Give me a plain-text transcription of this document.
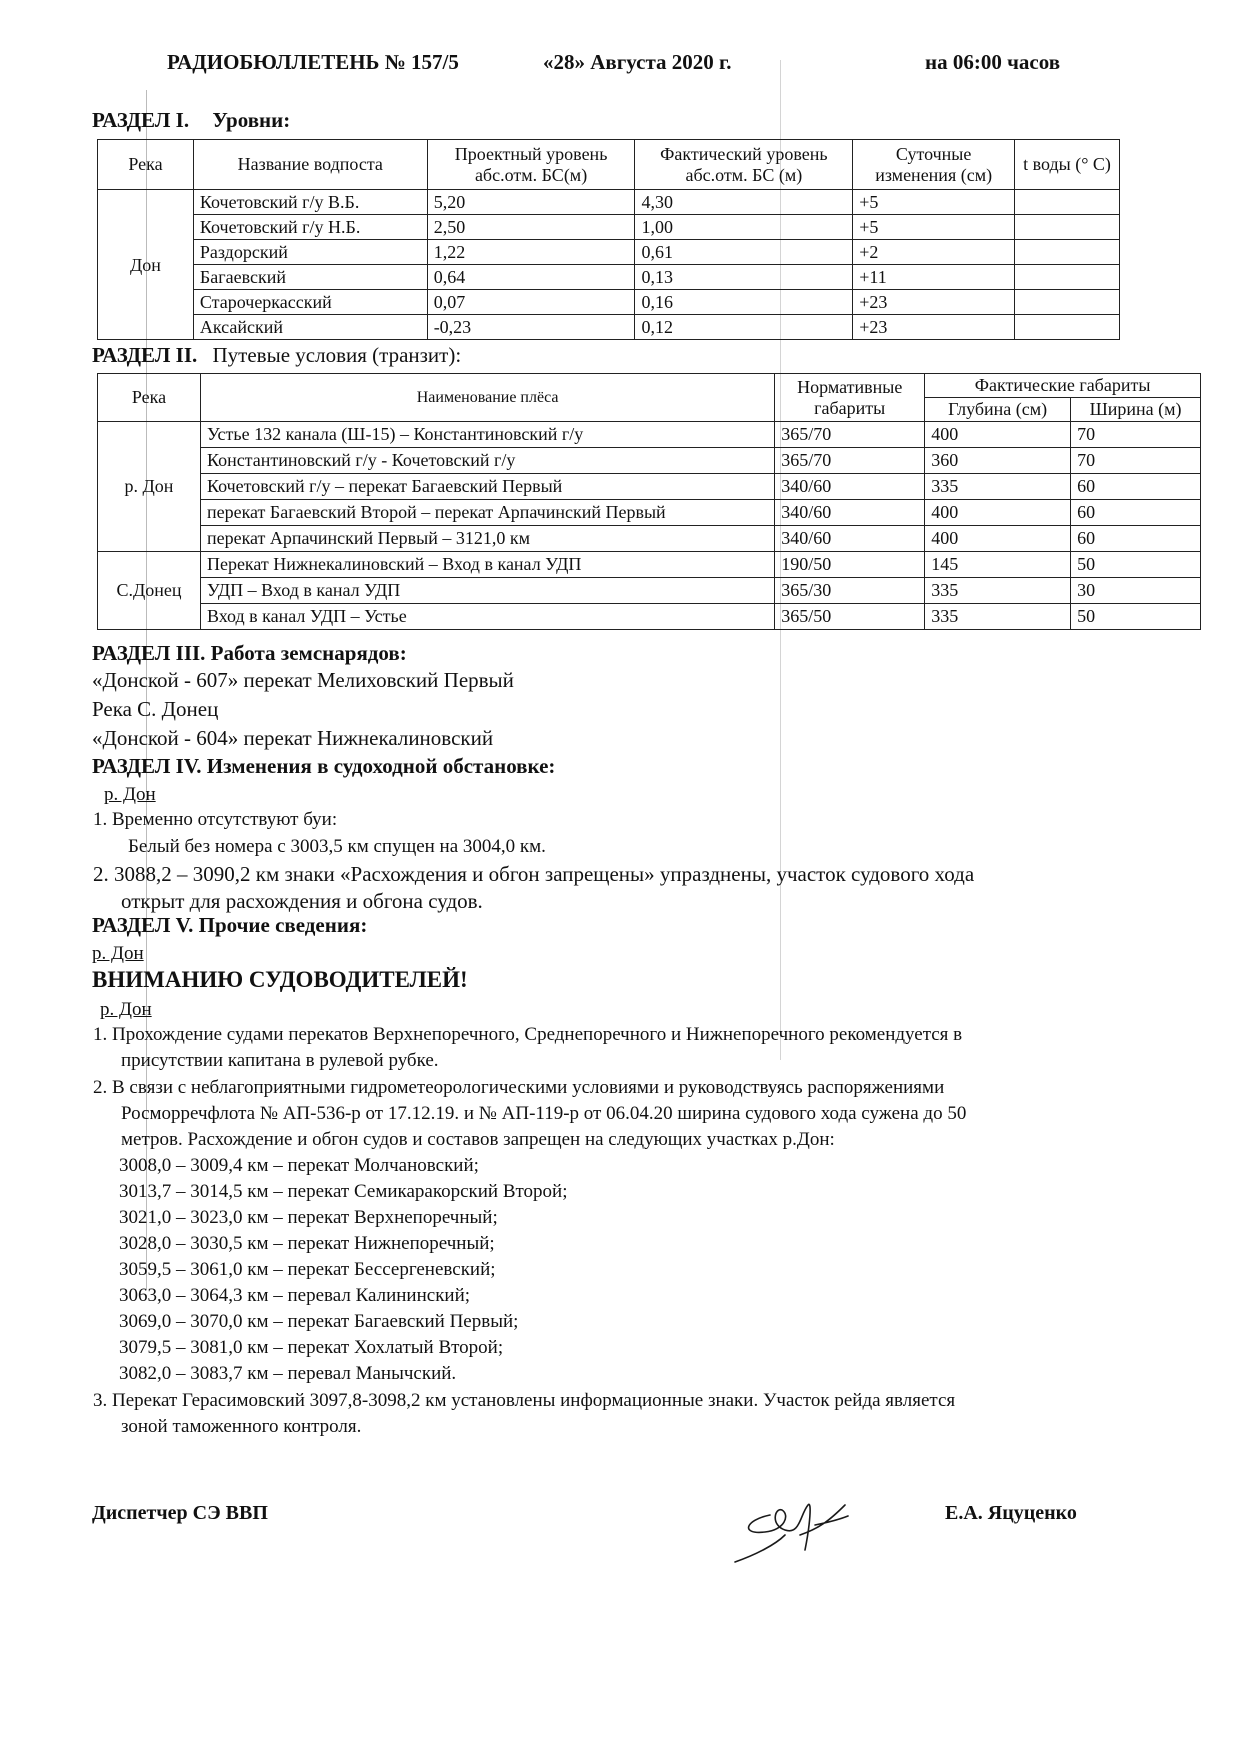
РАДИОБЮЛЛЕТЕНЬ № 157/5	«28» Августа 2020 г.	на 06:00 часов
РАЗДЕЛ I. Уровни:
Река	Название водпоста	Проектный уровень абс.отм. БС(м)	Фактический уровень абс.отм. БС (м)	Суточные изменения (см)	t воды (° С)
Дон	Кочетовский г/у В.Б.	5,20	4,30	+5	
	Кочетовский г/у Н.Б.	2,50	1,00	+5	
	Раздорский	1,22	0,61	+2	
	Багаевский	0,64	0,13	+11	
	Старочеркасский	0,07	0,16	+23	
	Аксайский	-0,23	0,12	+23	
РАЗДЕЛ II. Путевые условия (транзит):
Река	Наименование плёса	Нормативные габариты	Фактические габариты	
			Глубина (см)	Ширина (м)
р. Дон	Устье 132 канала (Ш-15) – Константиновский г/у	365/70	400	70
	Константиновский г/у - Кочетовский г/у	365/70	360	70
	Кочетовский г/у – перекат Багаевский Первый	340/60	335	60
	перекат Багаевский Второй – перекат Арпачинский Первый	340/60	400	60
	перекат Арпачинский Первый – 3121,0 км	340/60	400	60
С.Донец	Перекат Нижнекалиновский – Вход в канал УДП	190/50	145	50
	УДП – Вход в канал УДП	365/30	335	30
	Вход в канал УДП – Устье	365/50	335	50
РАЗДЕЛ III. Работа земснарядов:
«Донской - 607» перекат Мелиховский Первый
Река С. Донец
«Донской - 604» перекат Нижнекалиновский
РАЗДЕЛ IV. Изменения в судоходной обстановке:
р. Дон
1. Временно отсутствуют буи:
Белый без номера с 3003,5 км спущен на 3004,0 км.
2. 3088,2 – 3090,2 км знаки «Расхождения и обгон запрещены» упразднены, участок судового хода
открыт для расхождения и обгона судов.
РАЗДЕЛ V. Прочие сведения:
р. Дон
ВНИМАНИЮ СУДОВОДИТЕЛЕЙ!
р. Дон
1. Прохождение судами перекатов Верхнепоречного, Среднепоречного и Нижнепоречного рекомендуется в
присутствии капитана в рулевой рубке.
2. В связи с неблагоприятными гидрометеорологическими условиями и руководствуясь распоряжениями
Росморречфлота № АП-536-р от 17.12.19. и № АП-119-р от 06.04.20 ширина судового хода сужена до 50
метров. Расхождение и обгон судов и составов запрещен на следующих участках р.Дон:
3008,0 – 3009,4 км – перекат Молчановский;
3013,7 – 3014,5 км – перекат Семикаракорский Второй;
3021,0 – 3023,0 км – перекат Верхнепоречный;
3028,0 – 3030,5 км – перекат Нижнепоречный;
3059,5 – 3061,0 км – перекат Бессергеневский;
3063,0 – 3064,3 км – перевал Калининский;
3069,0 – 3070,0 км – перекат Багаевский Первый;
3079,5 – 3081,0 км – перекат Хохлатый Второй;
3082,0 – 3083,7 км – перевал Манычский.
3. Перекат Герасимовский 3097,8-3098,2 км установлены информационные знаки. Участок рейда является
зоной таможенного контроля.
Диспетчер СЭ ВВП	Е.А. Яцуценко
